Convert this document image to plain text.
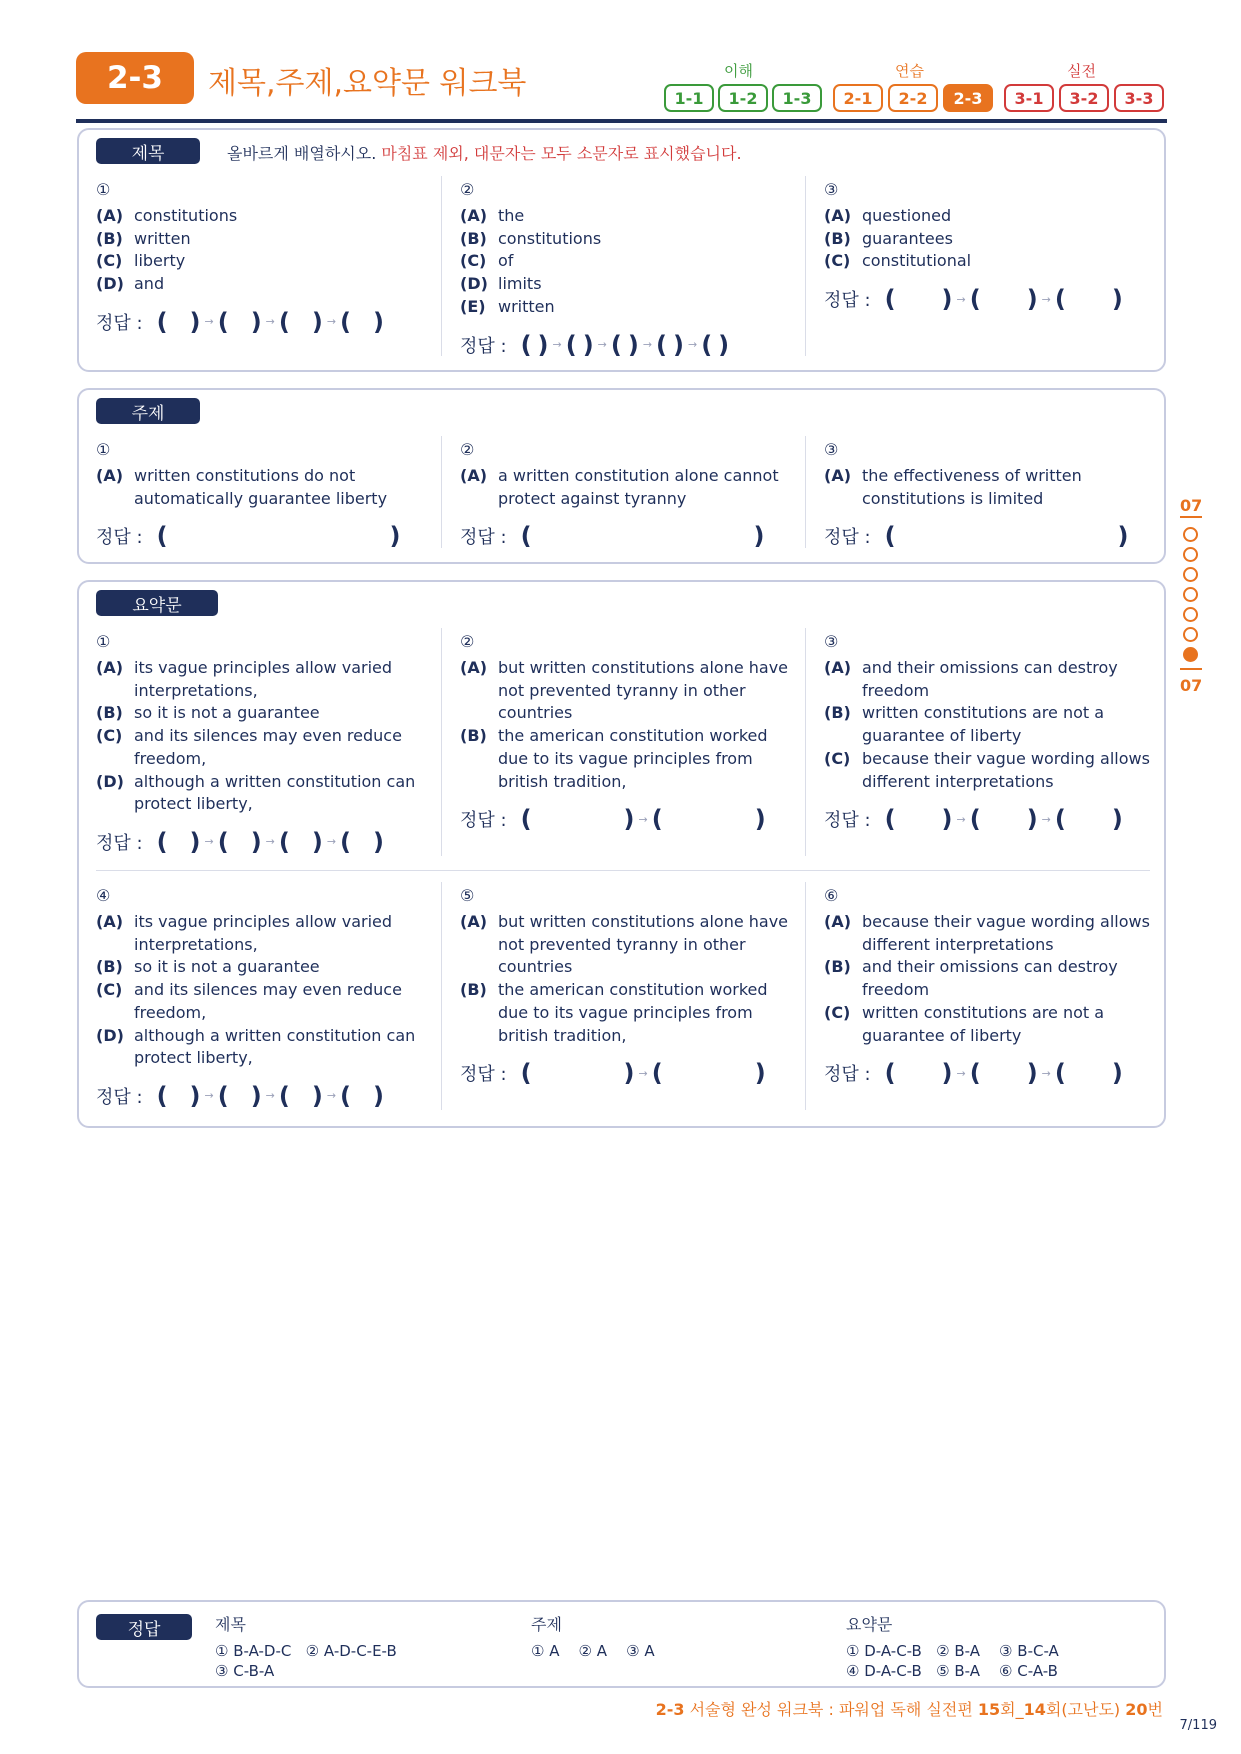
2-3	제목,주제,요약문 워크북	이해
1-1	1-2	1-3
연습
2-1	2-2	2-3
실전
3-1	3-2	3-3
제목	올바르게 배열하시오. 마침표 제외, 대문자는 모두 소문자로 표시했습니다.
①
(A) constitutions
(B) written
(C) liberty
(D) and
정답 : ( ) → ( ) → ( ) → ( )
②
(A) the
(B) constitutions
(C) of
(D) limits
(E) written
정답 : ( ) → ( ) → ( ) → ( ) → ( )
③
(A) questioned
(B) guarantees
(C) constitutional
정답 : ( ) → ( ) → ( )
주제
①
(A) written constitutions do not automatically guarantee liberty
정답 : (	)
②
(A) a written constitution alone cannot protect against tyranny
정답 : (	)
③
(A) the effectiveness of written constitutions is limited
정답 : (	)
요약문
①
(A) its vague principles allow varied interpretations,
(B) so it is not a guarantee
(C) and its silences may even reduce freedom,
(D) although a written constitution can protect liberty,
정답 : ( ) → ( ) → ( ) → ( )
②
(A) but written constitutions alone have not prevented tyranny in other countries
(B) the american constitution worked due to its vague principles from british tradition,
정답 : (	) → (	)
③
(A) and their omissions can destroy freedom
(B) written constitutions are not a guarantee of liberty
(C) because their vague wording allows different interpretations
정답 : ( ) → ( ) → ( )
④
(A) its vague principles allow varied interpretations,
(B) so it is not a guarantee
(C) and its silences may even reduce freedom,
(D) although a written constitution can protect liberty,
정답 : ( ) → ( ) → ( ) → ( )
⑤
(A) but written constitutions alone have not prevented tyranny in other countries
(B) the american constitution worked due to its vague principles from british tradition,
정답 : (	) → (	)
⑥
(A) because their vague wording allows different interpretations
(B) and their omissions can destroy freedom
(C) written constitutions are not a guarantee of liberty
정답 : ( ) → ( ) → ( )
07
07
정답	제목
① B-A-D-C   ② A-D-C-E-B
③ C-B-A
주제
① A    ② A    ③ A
요약문
① D-A-C-B   ② B-A    ③ B-C-A
④ D-A-C-B   ⑤ B-A    ⑥ C-A-B
2-3 서술형 완성 워크북 : 파워업 독해 실전편 15회_14회(고난도) 20번
7/119
